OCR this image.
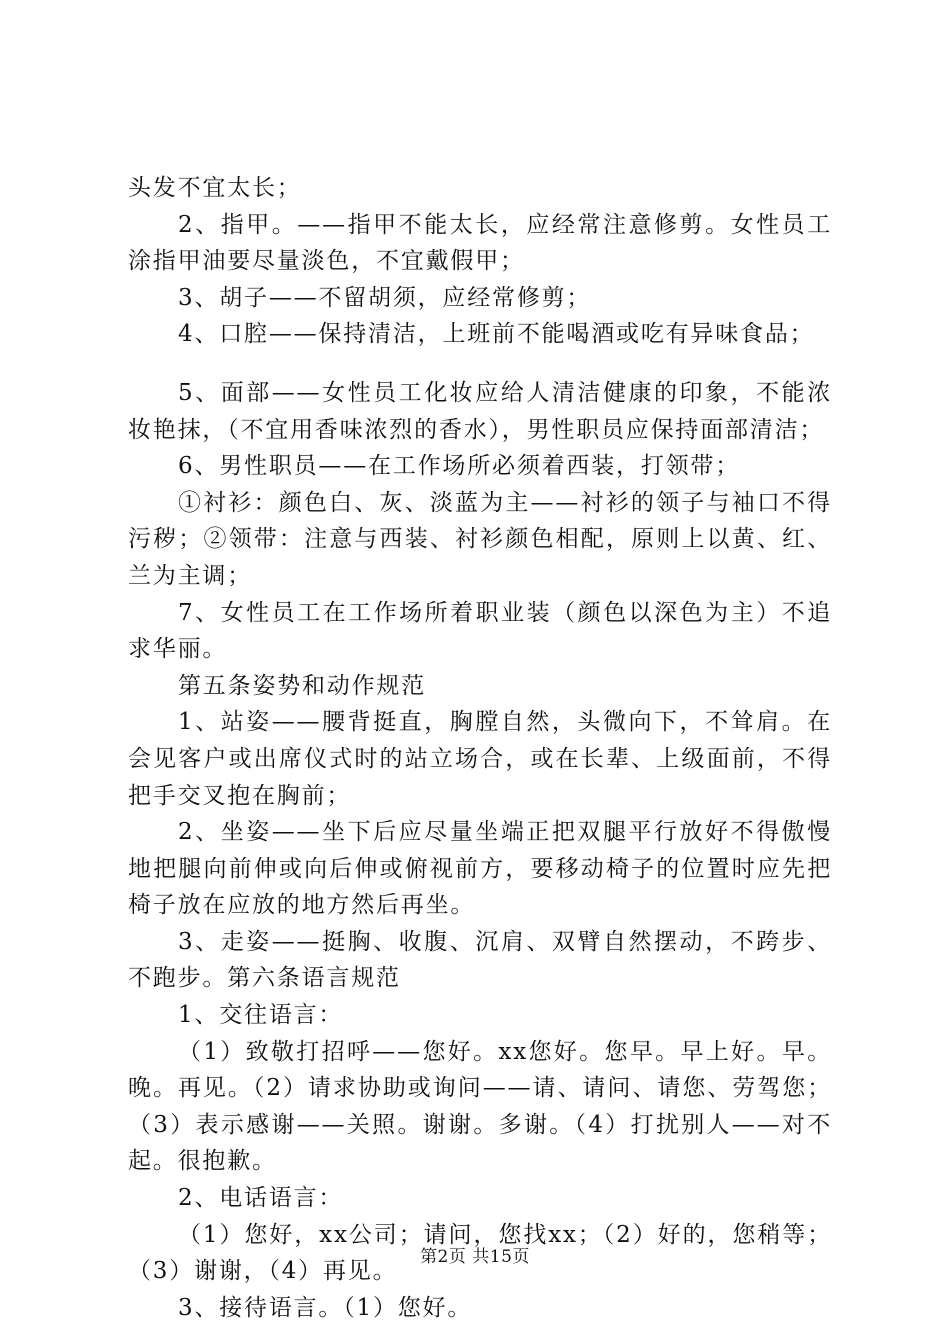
头发不宜太长；

2、指甲。——指甲不能太长，应经常注意修剪。女性员工涂指甲油要尽量淡色，不宜戴假甲；

3、胡子——不留胡须，应经常修剪；

4、口腔——保持清洁，上班前不能喝酒或吃有异味食品；

5、面部——女性员工化妆应给人清洁健康的印象，不能浓妆艳抹，（不宜用香味浓烈的香水），男性职员应保持面部清洁；

6、男性职员——在工作场所必须着西装，打领带；

①衬衫：颜色白、灰、淡蓝为主——衬衫的领子与袖口不得污秽；②领带：注意与西装、衬衫颜色相配，原则上以黄、红、兰为主调；

7、女性员工在工作场所着职业装（颜色以深色为主）不追求华丽。

第五条姿势和动作规范

1、站姿——腰背挺直，胸膛自然，头微向下，不耸肩。在会见客户或出席仪式时的站立场合，或在长辈、上级面前，不得把手交叉抱在胸前；

2、坐姿——坐下后应尽量坐端正把双腿平行放好不得傲慢地把腿向前伸或向后伸或俯视前方，要移动椅子的位置时应先把椅子放在应放的地方然后再坐。

3、走姿——挺胸、收腹、沉肩、双臂自然摆动，不跨步、不跑步。第六条语言规范

1、交往语言：

（1）致敬打招呼——您好。xx您好。您早。早上好。早。晚。再见。（2）请求协助或询问——请、请问、请您、劳驾您；（3）表示感谢——关照。谢谢。多谢。（4）打扰别人——对不起。很抱歉。

2、电话语言：

（1）您好，xx公司；请问，您找xx；（2）好的，您稍等；（3）谢谢，（4）再见。

3、接待语言。（1）您好。

第2页 共15页
